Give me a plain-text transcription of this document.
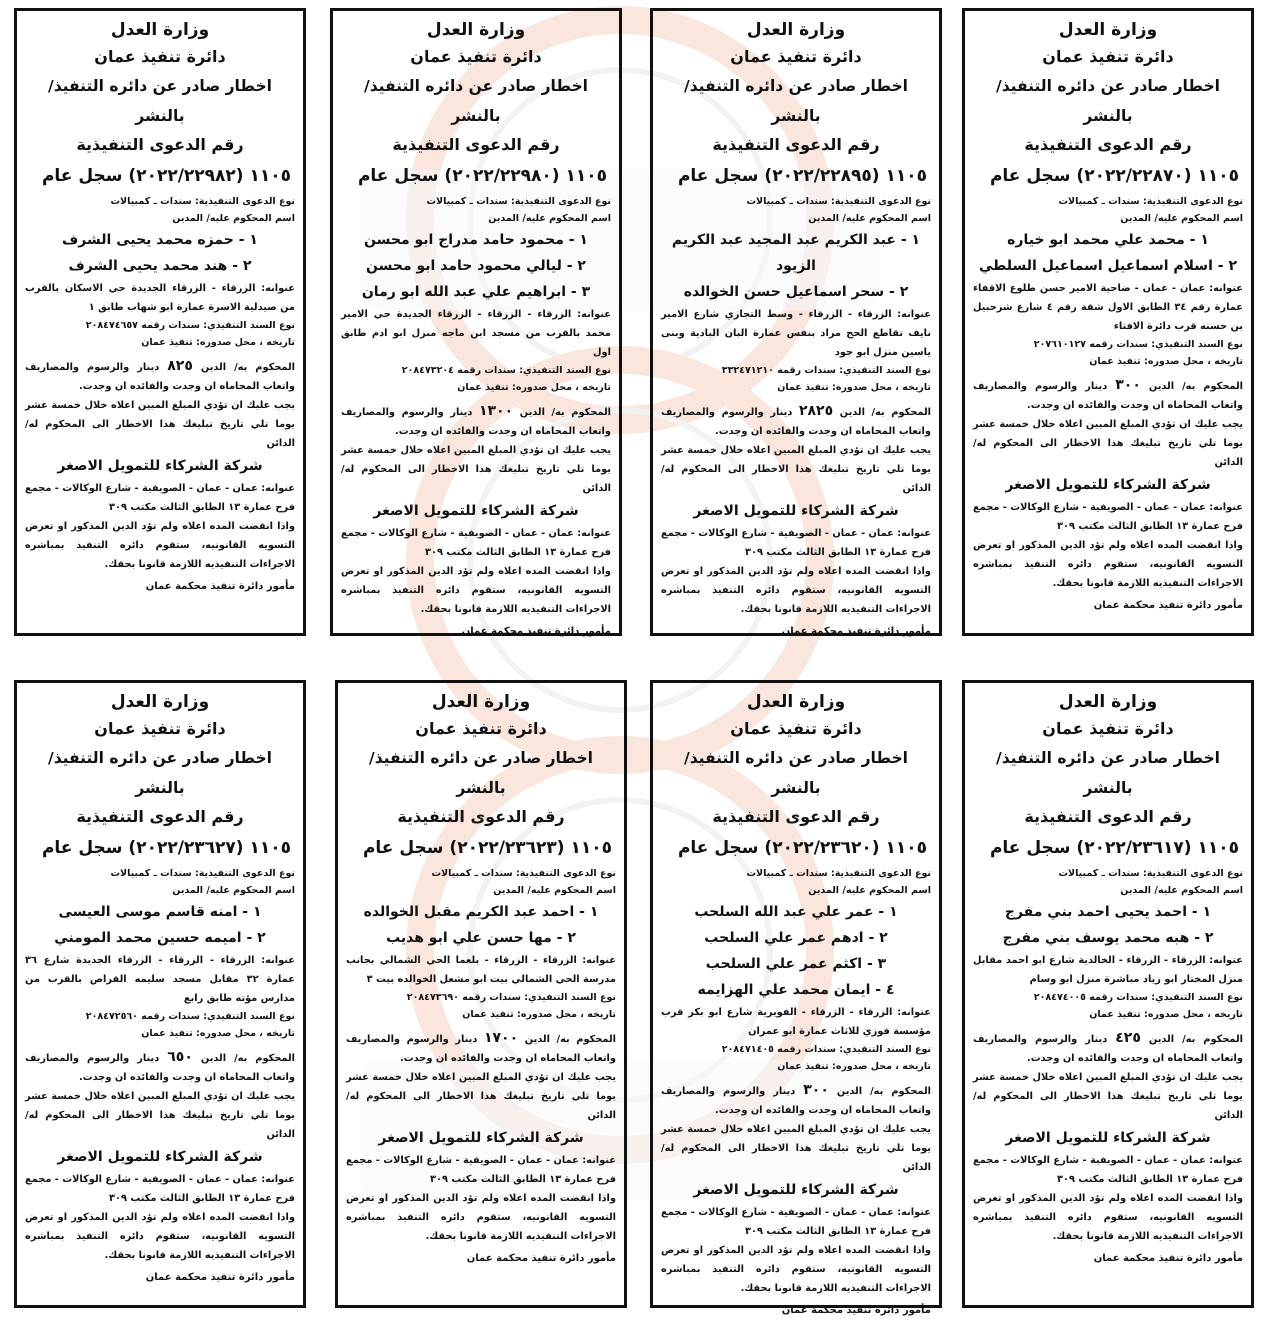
وزارة العدل
دائرة تنفيذ عمان
اخطار صادر عن دائره التنفيذ/ بالنشر
رقم الدعوى التنفيذية
١١٠٥ (٢٠٢٢/٢٢٨٧٠) سجل عام
نوع الدعوى التنفيذية: سندات ـ كمبيالات
اسم المحكوم عليه/ المدين
١ - محمد علي محمد ابو خياره
٢ - اسلام اسماعيل اسماعيل السلطي
عنوانه: عمان - عمان - ضاحية الامير حسن طلوع الاقفاء عمارة رقم ٣٤ الطابق الاول شقة رقم ٤ شارع شرحبيل بن حسنه قرب دائرة الافتاء
نوع السند التنفيذي: سندات رقمه ٢٠٧٦١٠١٢٧
تاريخه ، محل صدوره: تنفيذ عمان
المحكوم به/ الدين ٣٠٠ دينار والرسوم والمصاريف واتعاب المحاماه ان وجدت والفائده ان وجدت.
يجب عليك ان تؤدي المبلغ المبين اعلاه خلال خمسة عشر يوما تلي تاريخ تبليغك هذا الاخطار الى المحكوم له/ الدائن
شركة الشركاء للتمويل الاصغر
عنوانه: عمان - عمان - الصويفية - شارع الوكالات - مجمع فرح عمارة ١٣ الطابق الثالث مكتب ٣٠٩
واذا انقضت المده اعلاه ولم تؤد الدين المذكور او تعرض التسويه القانونيه، ستقوم دائره التنفيذ بمباشره الاجراءات التنفيذيه اللازمة قانونا بحقك.
مأمور دائرة تنفيذ محكمة عمان
وزارة العدل
دائرة تنفيذ عمان
اخطار صادر عن دائره التنفيذ/ بالنشر
رقم الدعوى التنفيذية
١١٠٥ (٢٠٢٢/٢٢٨٩٥) سجل عام
نوع الدعوى التنفيذية: سندات ـ كمبيالات
اسم المحكوم عليه/ المدين
١ - عبد الكريم عبد المجيد عبد الكريم الزيود
٢ - سحر اسماعيل حسن الخوالده
عنوانه: الزرقاء - الزرقاء - وسط التجاري شارع الامير نايف تقاطع الحج مراد بنفس عمارة البان البادية وبنى ياسين منزل ابو جود
نوع السند التنفيذي: سندات رقمه ٣٣٢٤٧١٢١٠
تاريخه ، محل صدوره: تنفيذ عمان
المحكوم به/ الدين ٢٨٢٥ دينار والرسوم والمصاريف واتعاب المحاماه ان وجدت والفائده ان وجدت.
يجب عليك ان تؤدي المبلغ المبين اعلاه خلال خمسة عشر يوما تلي تاريخ تبليغك هذا الاخطار الى المحكوم له/ الدائن
شركة الشركاء للتمويل الاصغر
عنوانه: عمان - عمان - الصويفية - شارع الوكالات - مجمع فرح عمارة ١٣ الطابق الثالث مكتب ٣٠٩
واذا انقضت المده اعلاه ولم تؤد الدين المذكور او تعرض التسويه القانونيه، ستقوم دائره التنفيذ بمباشره الاجراءات التنفيذيه اللازمة قانونا بحقك.
مأمور دائرة تنفيذ محكمة عمان
وزارة العدل
دائرة تنفيذ عمان
اخطار صادر عن دائره التنفيذ/ بالنشر
رقم الدعوى التنفيذية
١١٠٥ (٢٠٢٢/٢٢٩٨٠) سجل عام
نوع الدعوى التنفيذية: سندات ـ كمبيالات
اسم المحكوم عليه/ المدين
١ - محمود حامد مدراج ابو محسن
٢ - ليالي محمود حامد ابو محسن
٣ - ابراهيم علي عبد الله ابو رمان
عنوانه: الزرقاء - الزرقاء - الزرقاء الجديدة حي الامير محمد بالقرب من مسجد ابن ماجه منزل ابو ادم طابق اول
نوع السند التنفيذي: سندات رقمه ٢٠٨٤٧٣٢٠٤
تاريخه ، محل صدوره: تنفيذ عمان
المحكوم به/ الدين ١٣٠٠ دينار والرسوم والمصاريف واتعاب المحاماه ان وجدت والفائده ان وجدت.
يجب عليك ان تؤدي المبلغ المبين اعلاه خلال خمسة عشر يوما تلي تاريخ تبليغك هذا الاخطار الى المحكوم له/ الدائن
شركة الشركاء للتمويل الاصغر
عنوانه: عمان - عمان - الصويفية - شارع الوكالات - مجمع فرح عمارة ١٣ الطابق الثالث مكتب ٣٠٩
واذا انقضت المده اعلاه ولم تؤد الدين المذكور او تعرض التسويه القانونيه، ستقوم دائره التنفيذ بمباشره الاجراءات التنفيذيه اللازمة قانونا بحقك.
مأمور دائرة تنفيذ محكمة عمان
وزارة العدل
دائرة تنفيذ عمان
اخطار صادر عن دائره التنفيذ/ بالنشر
رقم الدعوى التنفيذية
١١٠٥ (٢٠٢٢/٢٢٩٨٢) سجل عام
نوع الدعوى التنفيذية: سندات ـ كمبيالات
اسم المحكوم عليه/ المدين
١ - حمزه محمد يحيى الشرف
٢ - هند محمد يحيى الشرف
عنوانه: الزرقاء - الزرقاء الجديدة حي الاسكان بالقرب من صيدلية الاسرة عمارة ابو شهاب طابق ١
نوع السند التنفيذي: سندات رقمه ٢٠٨٤٧٤٦٥٧
تاريخه ، محل صدوره: تنفيذ عمان
المحكوم به/ الدين ٨٢٥ دينار والرسوم والمصاريف واتعاب المحاماه ان وجدت والفائده ان وجدت.
يجب عليك ان تؤدي المبلغ المبين اعلاه خلال خمسة عشر يوما تلي تاريخ تبليغك هذا الاخطار الى المحكوم له/ الدائن
شركة الشركاء للتمويل الاصغر
عنوانه: عمان - عمان - الصويفية - شارع الوكالات - مجمع فرح عمارة ١٣ الطابق الثالث مكتب ٣٠٩
واذا انقضت المده اعلاه ولم تؤد الدين المذكور او تعرض التسويه القانونيه، ستقوم دائره التنفيذ بمباشره الاجراءات التنفيذيه اللازمة قانونا بحقك.
مأمور دائرة تنفيذ محكمة عمان
وزارة العدل
دائرة تنفيذ عمان
اخطار صادر عن دائره التنفيذ/ بالنشر
رقم الدعوى التنفيذية
١١٠٥ (٢٠٢٢/٢٣٦١٧) سجل عام
نوع الدعوى التنفيذية: سندات ـ كمبيالات
اسم المحكوم عليه/ المدين
١ - احمد يحيى احمد بني مفرج
٢ - هبه محمد يوسف بني مفرج
عنوانه: الزرقاء - الزرقاء - الخالدية شارع ابو احمد مقابل منزل المختار ابو زياد مباشرة منزل ابو وسام
نوع السند التنفيذي: سندات رقمه ٢٠٨٤٧٤٠٠٥
تاريخه ، محل صدوره: تنفيذ عمان
المحكوم به/ الدين ٤٢٥ دينار والرسوم والمصاريف واتعاب المحاماه ان وجدت والفائده ان وجدت.
يجب عليك ان تؤدي المبلغ المبين اعلاه خلال خمسة عشر يوما تلي تاريخ تبليغك هذا الاخطار الى المحكوم له/ الدائن
شركة الشركاء للتمويل الاصغر
عنوانه: عمان - عمان - الصويفية - شارع الوكالات - مجمع فرح عمارة ١٣ الطابق الثالث مكتب ٣٠٩
واذا انقضت المده اعلاه ولم تؤد الدين المذكور او تعرض التسويه القانونيه، ستقوم دائره التنفيذ بمباشره الاجراءات التنفيذيه اللازمة قانونا بحقك.
مأمور دائرة تنفيذ محكمة عمان
وزارة العدل
دائرة تنفيذ عمان
اخطار صادر عن دائره التنفيذ/ بالنشر
رقم الدعوى التنفيذية
١١٠٥ (٢٠٢٢/٢٣٦٢٠) سجل عام
نوع الدعوى التنفيذية: سندات ـ كمبيالات
اسم المحكوم عليه/ المدين
١ - عمر علي عبد الله السلحب
٢ - ادهم عمر علي السلحب
٣ - اكثم عمر علي السلحب
٤ - ايمان محمد علي الهزايمه
عنوانه: الزرقاء - الزرقاء - الفويرية شارع ابو بكر قرب مؤسسة فوزي للاثاث عمارة ابو عمران
نوع السند التنفيذي: سندات رقمه ٢٠٨٤٧١٤٠٥
تاريخه ، محل صدوره: تنفيذ عمان
المحكوم به/ الدين ٣٠٠ دينار والرسوم والمصاريف واتعاب المحاماه ان وجدت والفائده ان وجدت.
يجب عليك ان تؤدي المبلغ المبين اعلاه خلال خمسة عشر يوما تلي تاريخ تبليغك هذا الاخطار الى المحكوم له/ الدائن
شركة الشركاء للتمويل الاصغر
عنوانه: عمان - عمان - الصويفية - شارع الوكالات - مجمع فرح عمارة ١٣ الطابق الثالث مكتب ٣٠٩
واذا انقضت المده اعلاه ولم تؤد الدين المذكور او تعرض التسويه القانونيه، ستقوم دائره التنفيذ بمباشره الاجراءات التنفيذيه اللازمة قانونا بحقك.
مأمور دائرة تنفيذ محكمة عمان
وزارة العدل
دائرة تنفيذ عمان
اخطار صادر عن دائره التنفيذ/ بالنشر
رقم الدعوى التنفيذية
١١٠٥ (٢٠٢٢/٢٣٦٢٣) سجل عام
نوع الدعوى التنفيذية: سندات ـ كمبيالات
اسم المحكوم عليه/ المدين
١ - احمد عبد الكريم مقبل الخوالده
٢ - مها حسن علي ابو هديب
عنوانه: الزرقاء - الزرقاء - بلعما الحي الشمالي بجانب مدرسة الحي الشمالي بيت ابو مشعل الخوالده بيت ٣
نوع السند التنفيذي: سندات رقمه ٢٠٨٤٧٣٦٩٠
تاريخه ، محل صدوره: تنفيذ عمان
المحكوم به/ الدين ١٧٠٠ دينار والرسوم والمصاريف واتعاب المحاماه ان وجدت والفائده ان وجدت.
يجب عليك ان تؤدي المبلغ المبين اعلاه خلال خمسة عشر يوما تلي تاريخ تبليغك هذا الاخطار الى المحكوم له/ الدائن
شركة الشركاء للتمويل الاصغر
عنوانه: عمان - عمان - الصويفية - شارع الوكالات - مجمع فرح عمارة ١٣ الطابق الثالث مكتب ٣٠٩
واذا انقضت المده اعلاه ولم تؤد الدين المذكور او تعرض التسويه القانونيه، ستقوم دائره التنفيذ بمباشره الاجراءات التنفيذيه اللازمة قانونا بحقك.
مأمور دائرة تنفيذ محكمة عمان
وزارة العدل
دائرة تنفيذ عمان
اخطار صادر عن دائره التنفيذ/ بالنشر
رقم الدعوى التنفيذية
١١٠٥ (٢٠٢٢/٢٣٦٢٧) سجل عام
نوع الدعوى التنفيذية: سندات ـ كمبيالات
اسم المحكوم عليه/ المدين
١ - امنه قاسم موسى العيسى
٢ - اميمه حسين محمد المومني
عنوانه: الزرقاء - الزرقاء - الزرقاء الجديدة شارع ٣٦ عمارة ٣٢ مقابل مسجد سليمه القراص بالقرب من مدارس مؤته طابق رابع
نوع السند التنفيذي: سندات رقمه ٢٠٨٤٧٢٥٦٠
تاريخه ، محل صدوره: تنفيذ عمان
المحكوم به/ الدين ٦٥٠ دينار والرسوم والمصاريف واتعاب المحاماه ان وجدت والفائده ان وجدت.
يجب عليك ان تؤدي المبلغ المبين اعلاه خلال خمسة عشر يوما تلي تاريخ تبليغك هذا الاخطار الى المحكوم له/ الدائن
شركة الشركاء للتمويل الاصغر
عنوانه: عمان - عمان - الصويفية - شارع الوكالات - مجمع فرح عمارة ١٣ الطابق الثالث مكتب ٣٠٩
واذا انقضت المده اعلاه ولم تؤد الدين المذكور او تعرض التسويه القانونيه، ستقوم دائره التنفيذ بمباشره الاجراءات التنفيذيه اللازمة قانونا بحقك.
مأمور دائرة تنفيذ محكمة عمان
